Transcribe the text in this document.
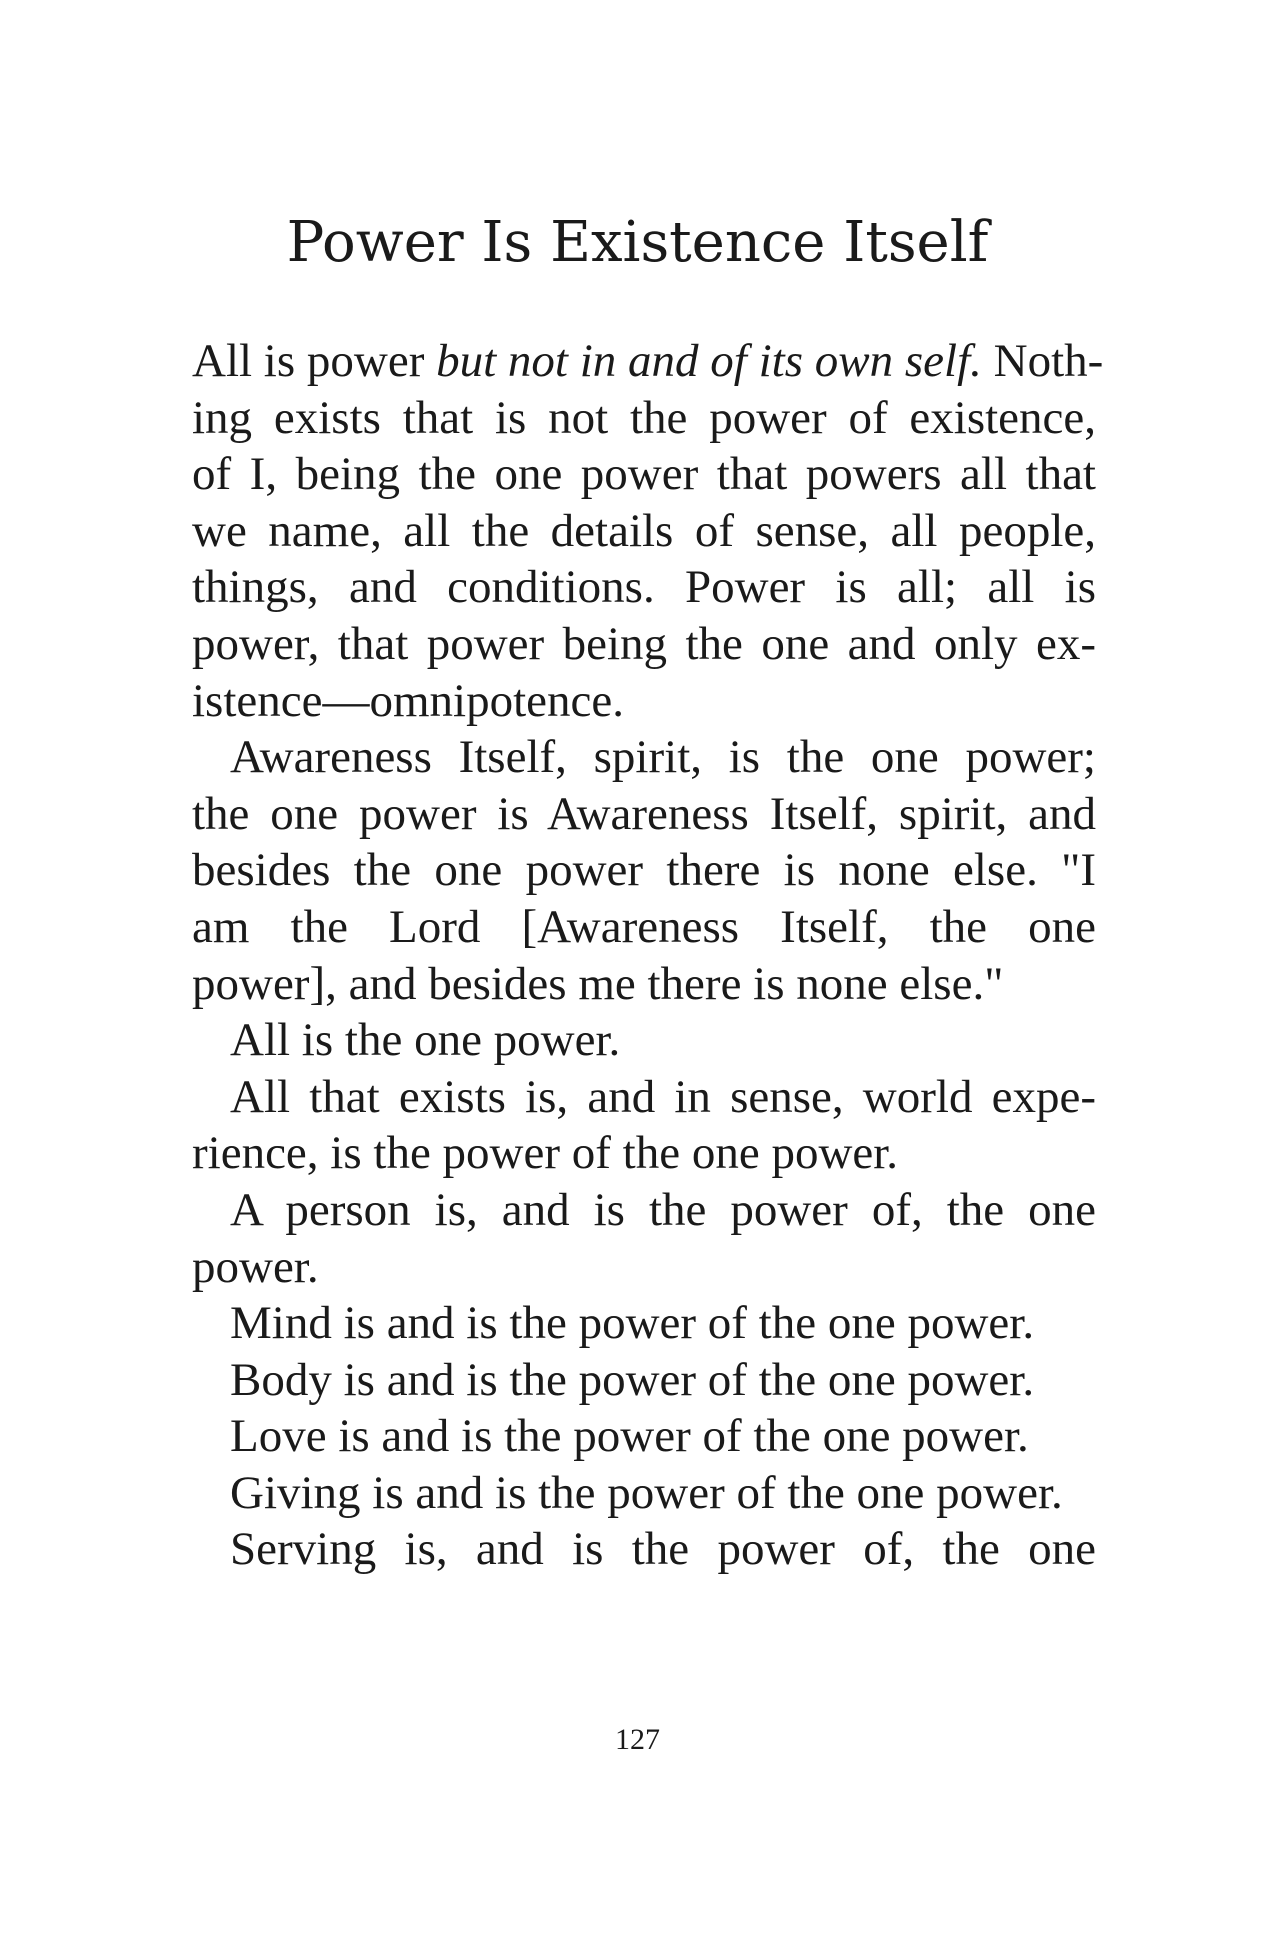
Power Is Existence Itself
All is power but not in and of its own self. Noth-
ing exists that is not the power of existence,
of I, being the one power that powers all that
we name, all the details of sense, all people,
things, and conditions. Power is all; all is
power, that power being the one and only ex-
istence—omnipotence.
Awareness Itself, spirit, is the one power;
the one power is Awareness Itself, spirit, and
besides the one power there is none else. "I
am the Lord [Awareness Itself, the one
power], and besides me there is none else."
All is the one power.
All that exists is, and in sense, world expe-
rience, is the power of the one power.
A person is, and is the power of, the one
power.
Mind is and is the power of the one power.
Body is and is the power of the one power.
Love is and is the power of the one power.
Giving is and is the power of the one power.
Serving is, and is the power of, the one
127
